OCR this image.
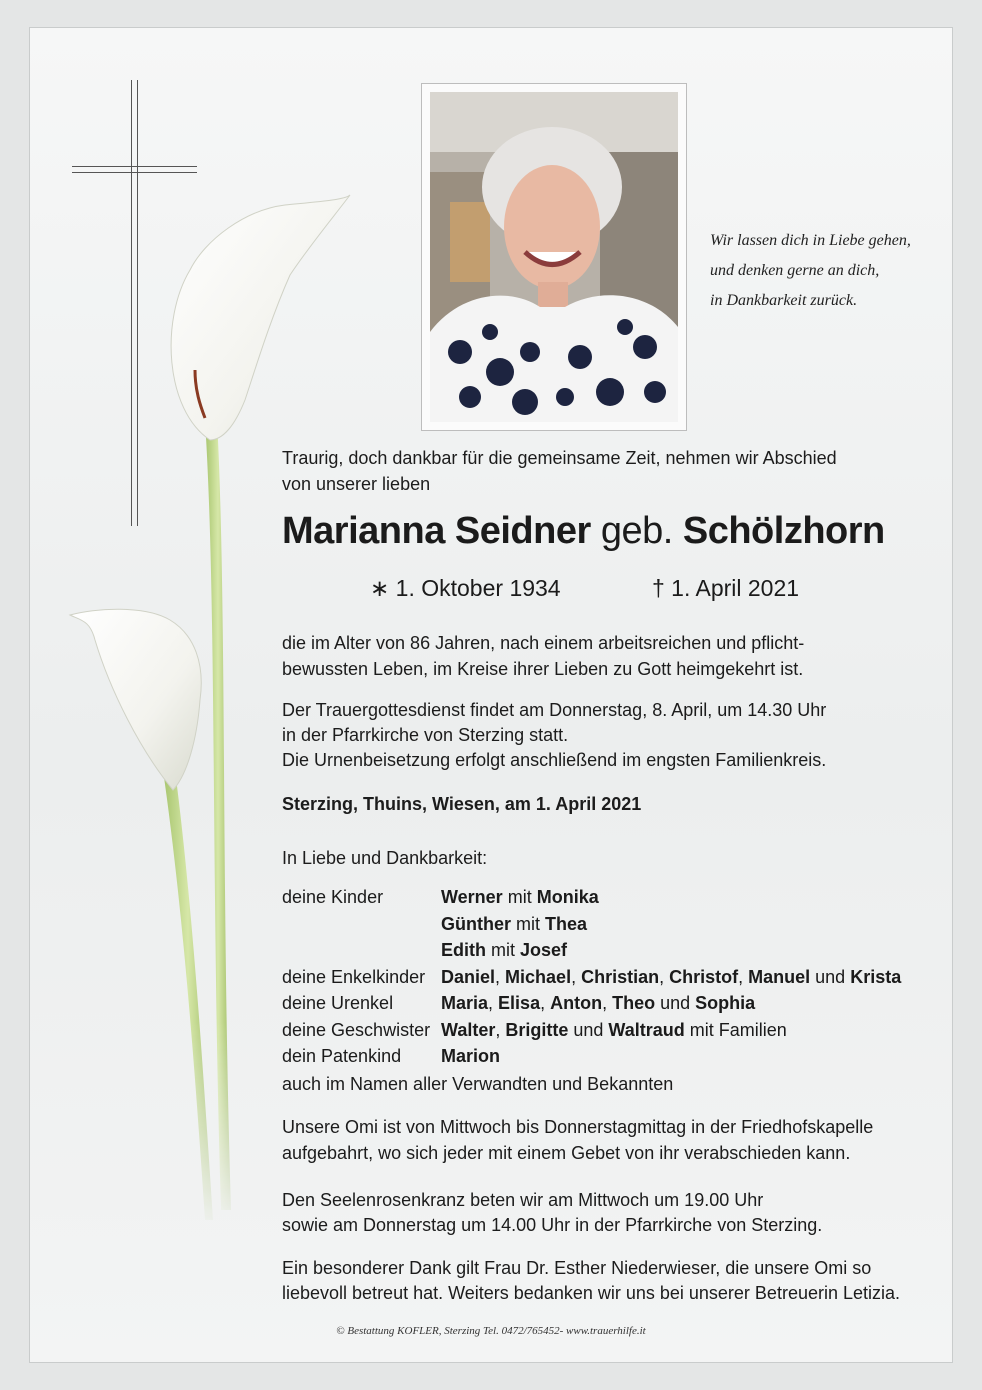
Wir lassen dich in Liebe gehen,
und denken gerne an dich,
in Dankbarkeit zurück.
Traurig, doch dankbar für die gemeinsame Zeit, nehmen wir Abschied
von unserer lieben
Marianna Seidner geb. Schölzhorn
∗ 1. Oktober 1934	† 1. April 2021
die im Alter von 86 Jahren, nach einem arbeitsreichen und pflicht-
bewussten Leben, im Kreise ihrer Lieben zu Gott heimgekehrt ist.
Der Trauergottesdienst findet am Donnerstag, 8. April, um 14.30 Uhr
in der Pfarrkirche von Sterzing statt.
Die Urnenbeisetzung erfolgt anschließend im engsten Familienkreis.
Sterzing, Thuins, Wiesen, am 1. April 2021
In Liebe und Dankbarkeit:
deine Kinder	Werner mit Monika
Günther mit Thea
Edith mit Josef
deine Enkelkinder Daniel, Michael, Christian, Christof, Manuel und Krista
deine Urenkel	Maria, Elisa, Anton, Theo und Sophia
deine Geschwister Walter, Brigitte und Waltraud mit Familien
dein Patenkind Marion
auch im Namen aller Verwandten und Bekannten
Unsere Omi ist von Mittwoch bis Donnerstagmittag in der Friedhofskapelle
aufgebahrt, wo sich jeder mit einem Gebet von ihr verabschieden kann.
Den Seelenrosenkranz beten wir am Mittwoch um 19.00 Uhr
sowie am Donnerstag um 14.00 Uhr in der Pfarrkirche von Sterzing.
Ein besonderer Dank gilt Frau Dr. Esther Niederwieser, die unsere Omi so
liebevoll betreut hat. Weiters bedanken wir uns bei unserer Betreuerin Letizia.
© Bestattung KOFLER, Sterzing Tel. 0472/765452- www.trauerhilfe.it
